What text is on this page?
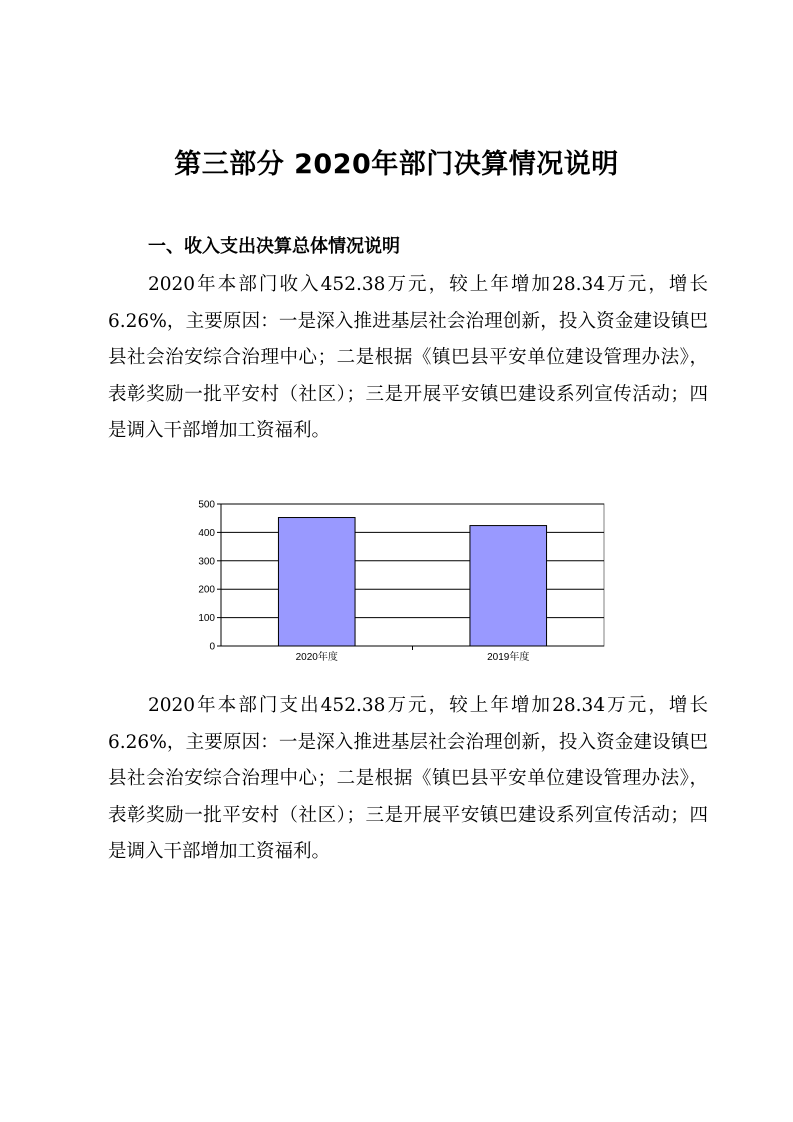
第三部分 2020年部门决算情况说明
一、收入支出决算总体情况说明

2020年本部门收入452.38万元，较上年增加28.34万元，增长6.26%，主要原因：一是深入推进基层社会治理创新，投入资金建设镇巴县社会治安综合治理中心；二是根据《镇巴县平安单位建设管理办法》，表彰奖励一批平安村（社区）；三是开展平安镇巴建设系列宣传活动；四是调入干部增加工资福利。

0
100
200
300
400
500
2020年度	2019年度

2020年本部门支出452.38万元，较上年增加28.34万元，增长6.26%，主要原因：一是深入推进基层社会治理创新，投入资金建设镇巴县社会治安综合治理中心；二是根据《镇巴县平安单位建设管理办法》，表彰奖励一批平安村（社区）；三是开展平安镇巴建设系列宣传活动；四是调入干部增加工资福利。
